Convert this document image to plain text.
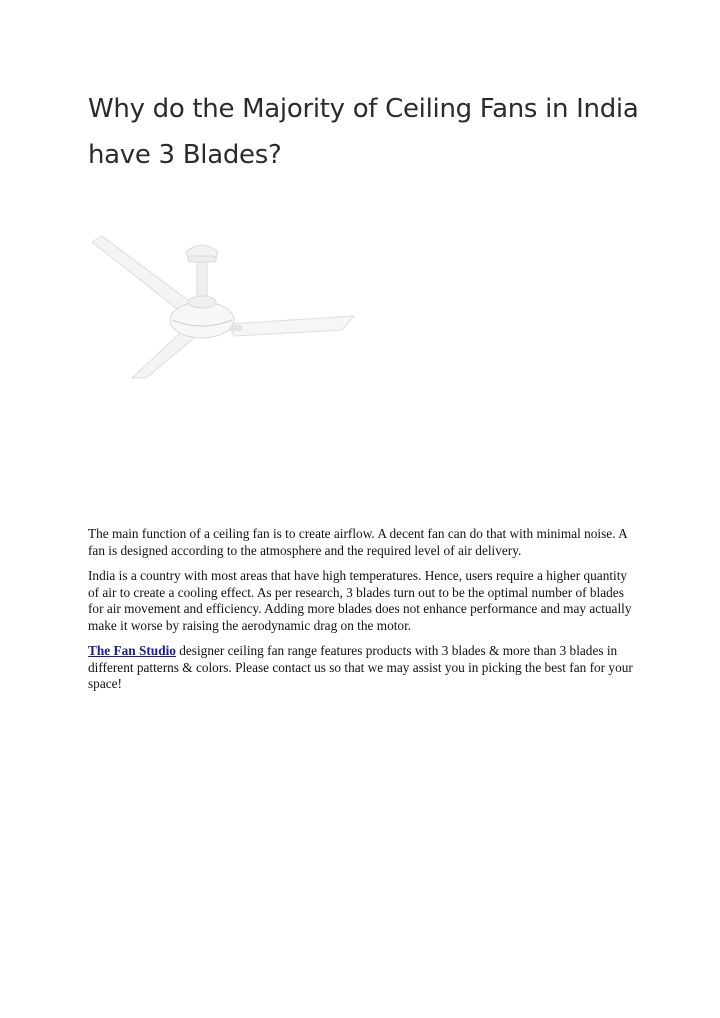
Why do the Majority of Ceiling Fans in India have 3 Blades?

The main function of a ceiling fan is to create airflow. A decent fan can do that with minimal noise. A fan is designed according to the atmosphere and the required level of air delivery.

India is a country with most areas that have high temperatures. Hence, users require a higher quantity of air to create a cooling effect. As per research, 3 blades turn out to be the optimal number of blades for air movement and efficiency. Adding more blades does not enhance performance and may actually make it worse by raising the aerodynamic drag on the motor.

The Fan Studio designer ceiling fan range features products with 3 blades & more than 3 blades in different patterns & colors. Please contact us so that we may assist you in picking the best fan for your space!
